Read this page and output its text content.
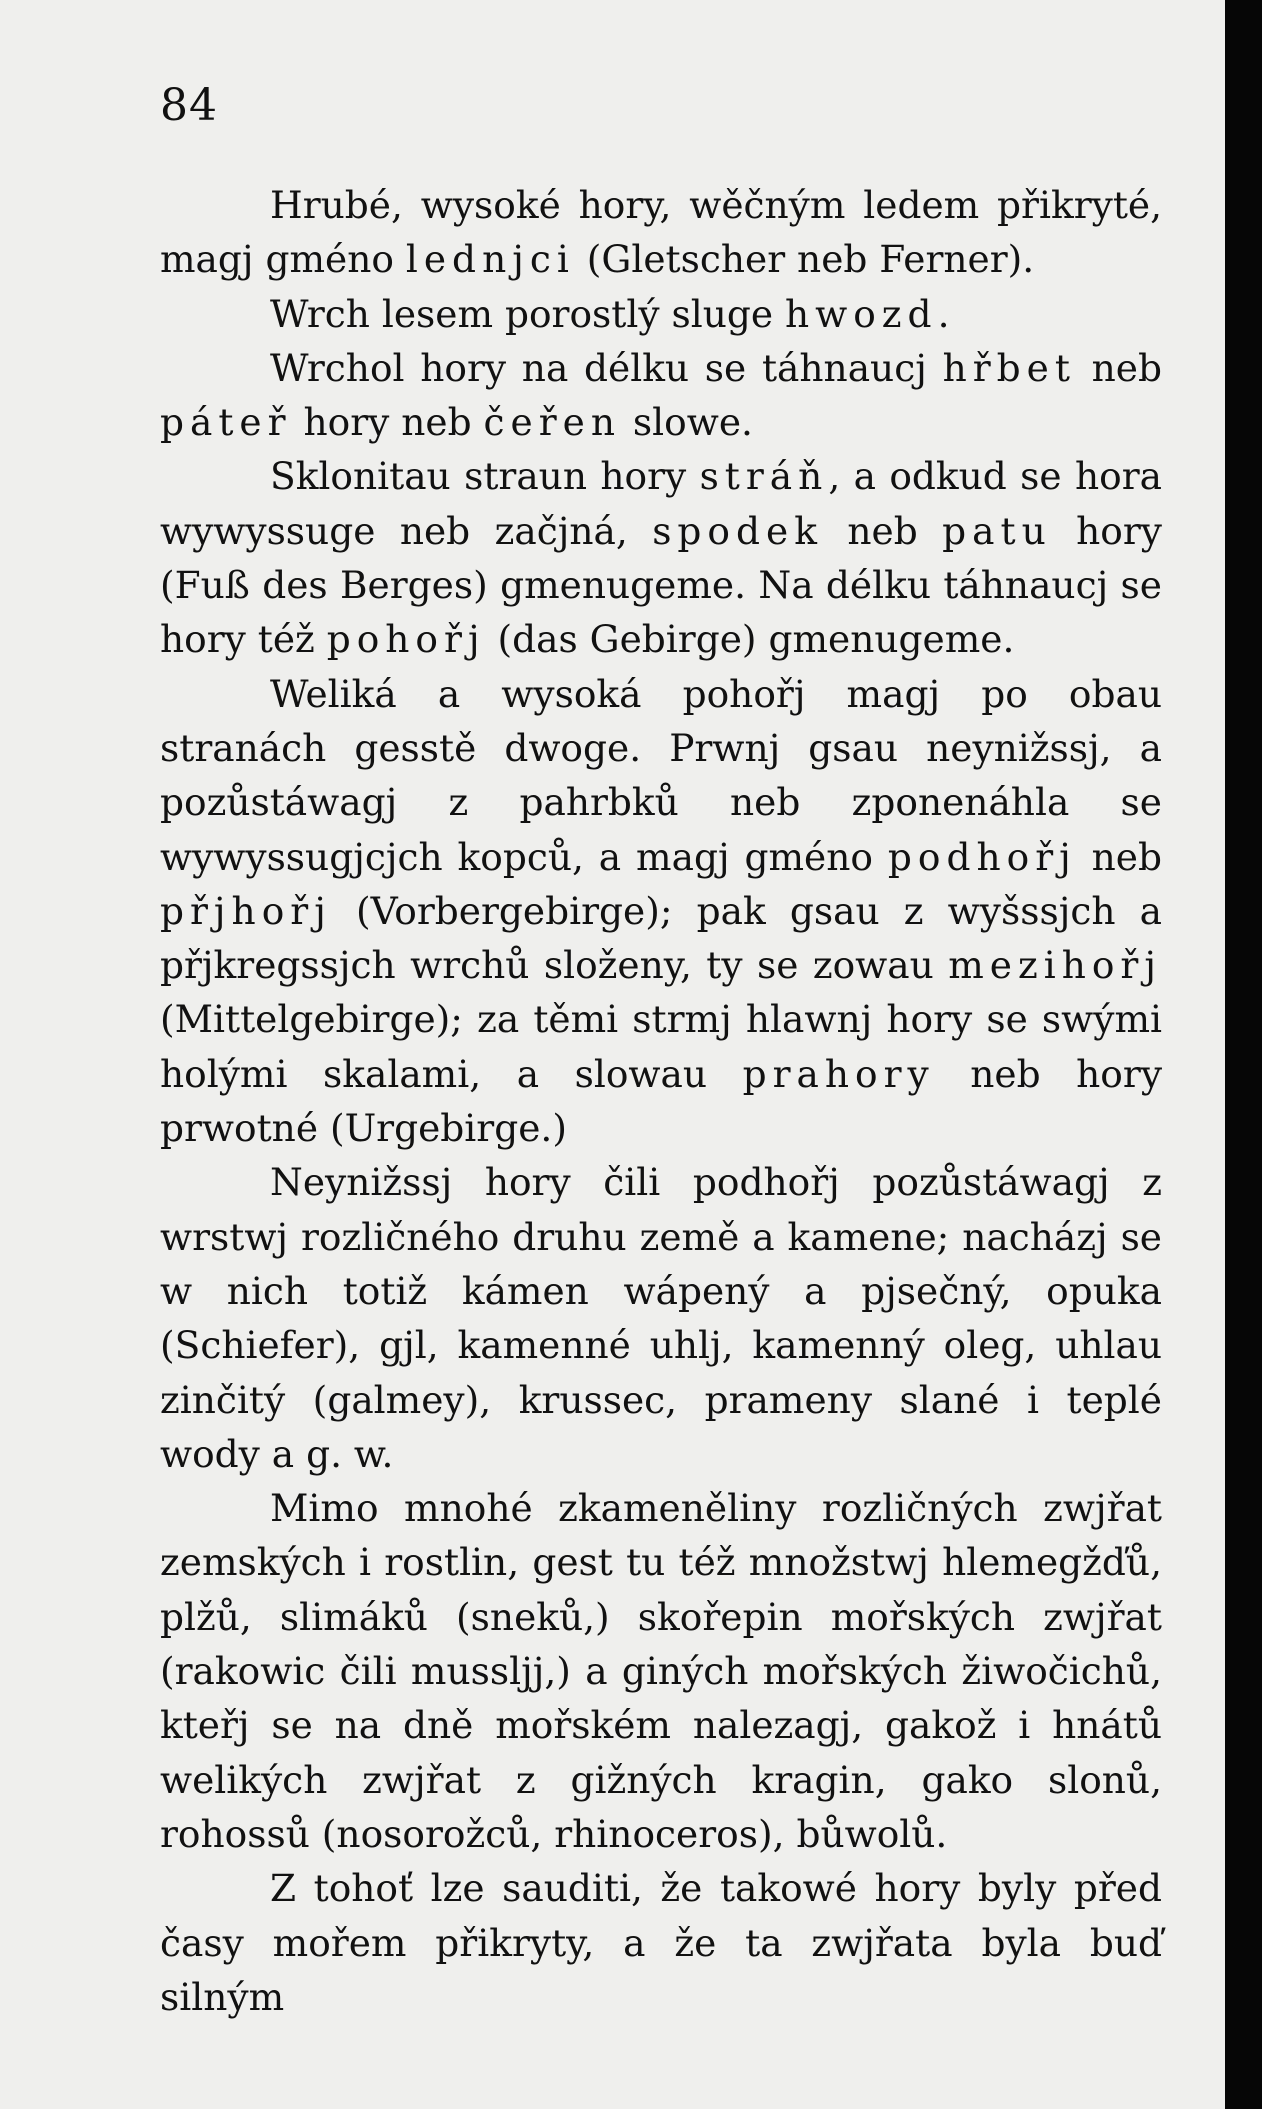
84

Hrubé, wysoké hory, wěčným ledem přikryté, magj gméno lednjci (Gletscher neb Ferner).

Wrch lesem porostlý sluge hwozd.

Wrchol hory na délku se táhnaucj hřbet neb páteř hory neb čeřen slowe.

Sklonitau straun hory stráň, a odkud se hora wywyssuge neb začjná, spodek neb patu hory (Fuß des Berges) gmenugeme. Na délku táhnaucj se hory též pohořj (das Gebirge) gmenugeme.

Weliká a wysoká pohořj magj po obau stranách gesstě dwoge. Prwnj gsau neynižssj, a pozůstáwagj z pahrbků neb zponenáhla se wywyssugjcjch kopců, a magj gméno podhořj neb přjhořj (Vorbergebirge); pak gsau z wyšssjch a přjkregssjch wrchů složeny, ty se zowau mezihořj (Mittelgebirge); za těmi strmj hlawnj hory se swými holými skalami, a slowau prahory neb hory prwotné (Urgebirge.)

Neynižssj hory čili podhořj pozůstáwagj z wrstwj rozličného druhu země a kamene; nacházj se w nich totiž kámen wápený a pjsečný, opuka (Schiefer), gjl, kamenné uhlj, kamenný oleg, uhlau zinčitý (galmey), krussec, prameny slané i teplé wody a g. w.

Mimo mnohé zkameněliny rozličných zwjřat zemských i rostlin, gest tu též množstwj hlemegžďů, plžů, slimáků (sneků,) skořepin mořských zwjřat (rakowic čili mussljj,) a giných mořských žiwočichů, kteřj se na dně mořském nalezagj, gakož i hnátů welikých zwjřat z gižných kragin, gako slonů, rohossů (nosorožců, rhinoceros), bůwolů.

Z tohoť lze sauditi, že takowé hory byly před časy mořem přikryty, a že ta zwjřata byla buď silným
